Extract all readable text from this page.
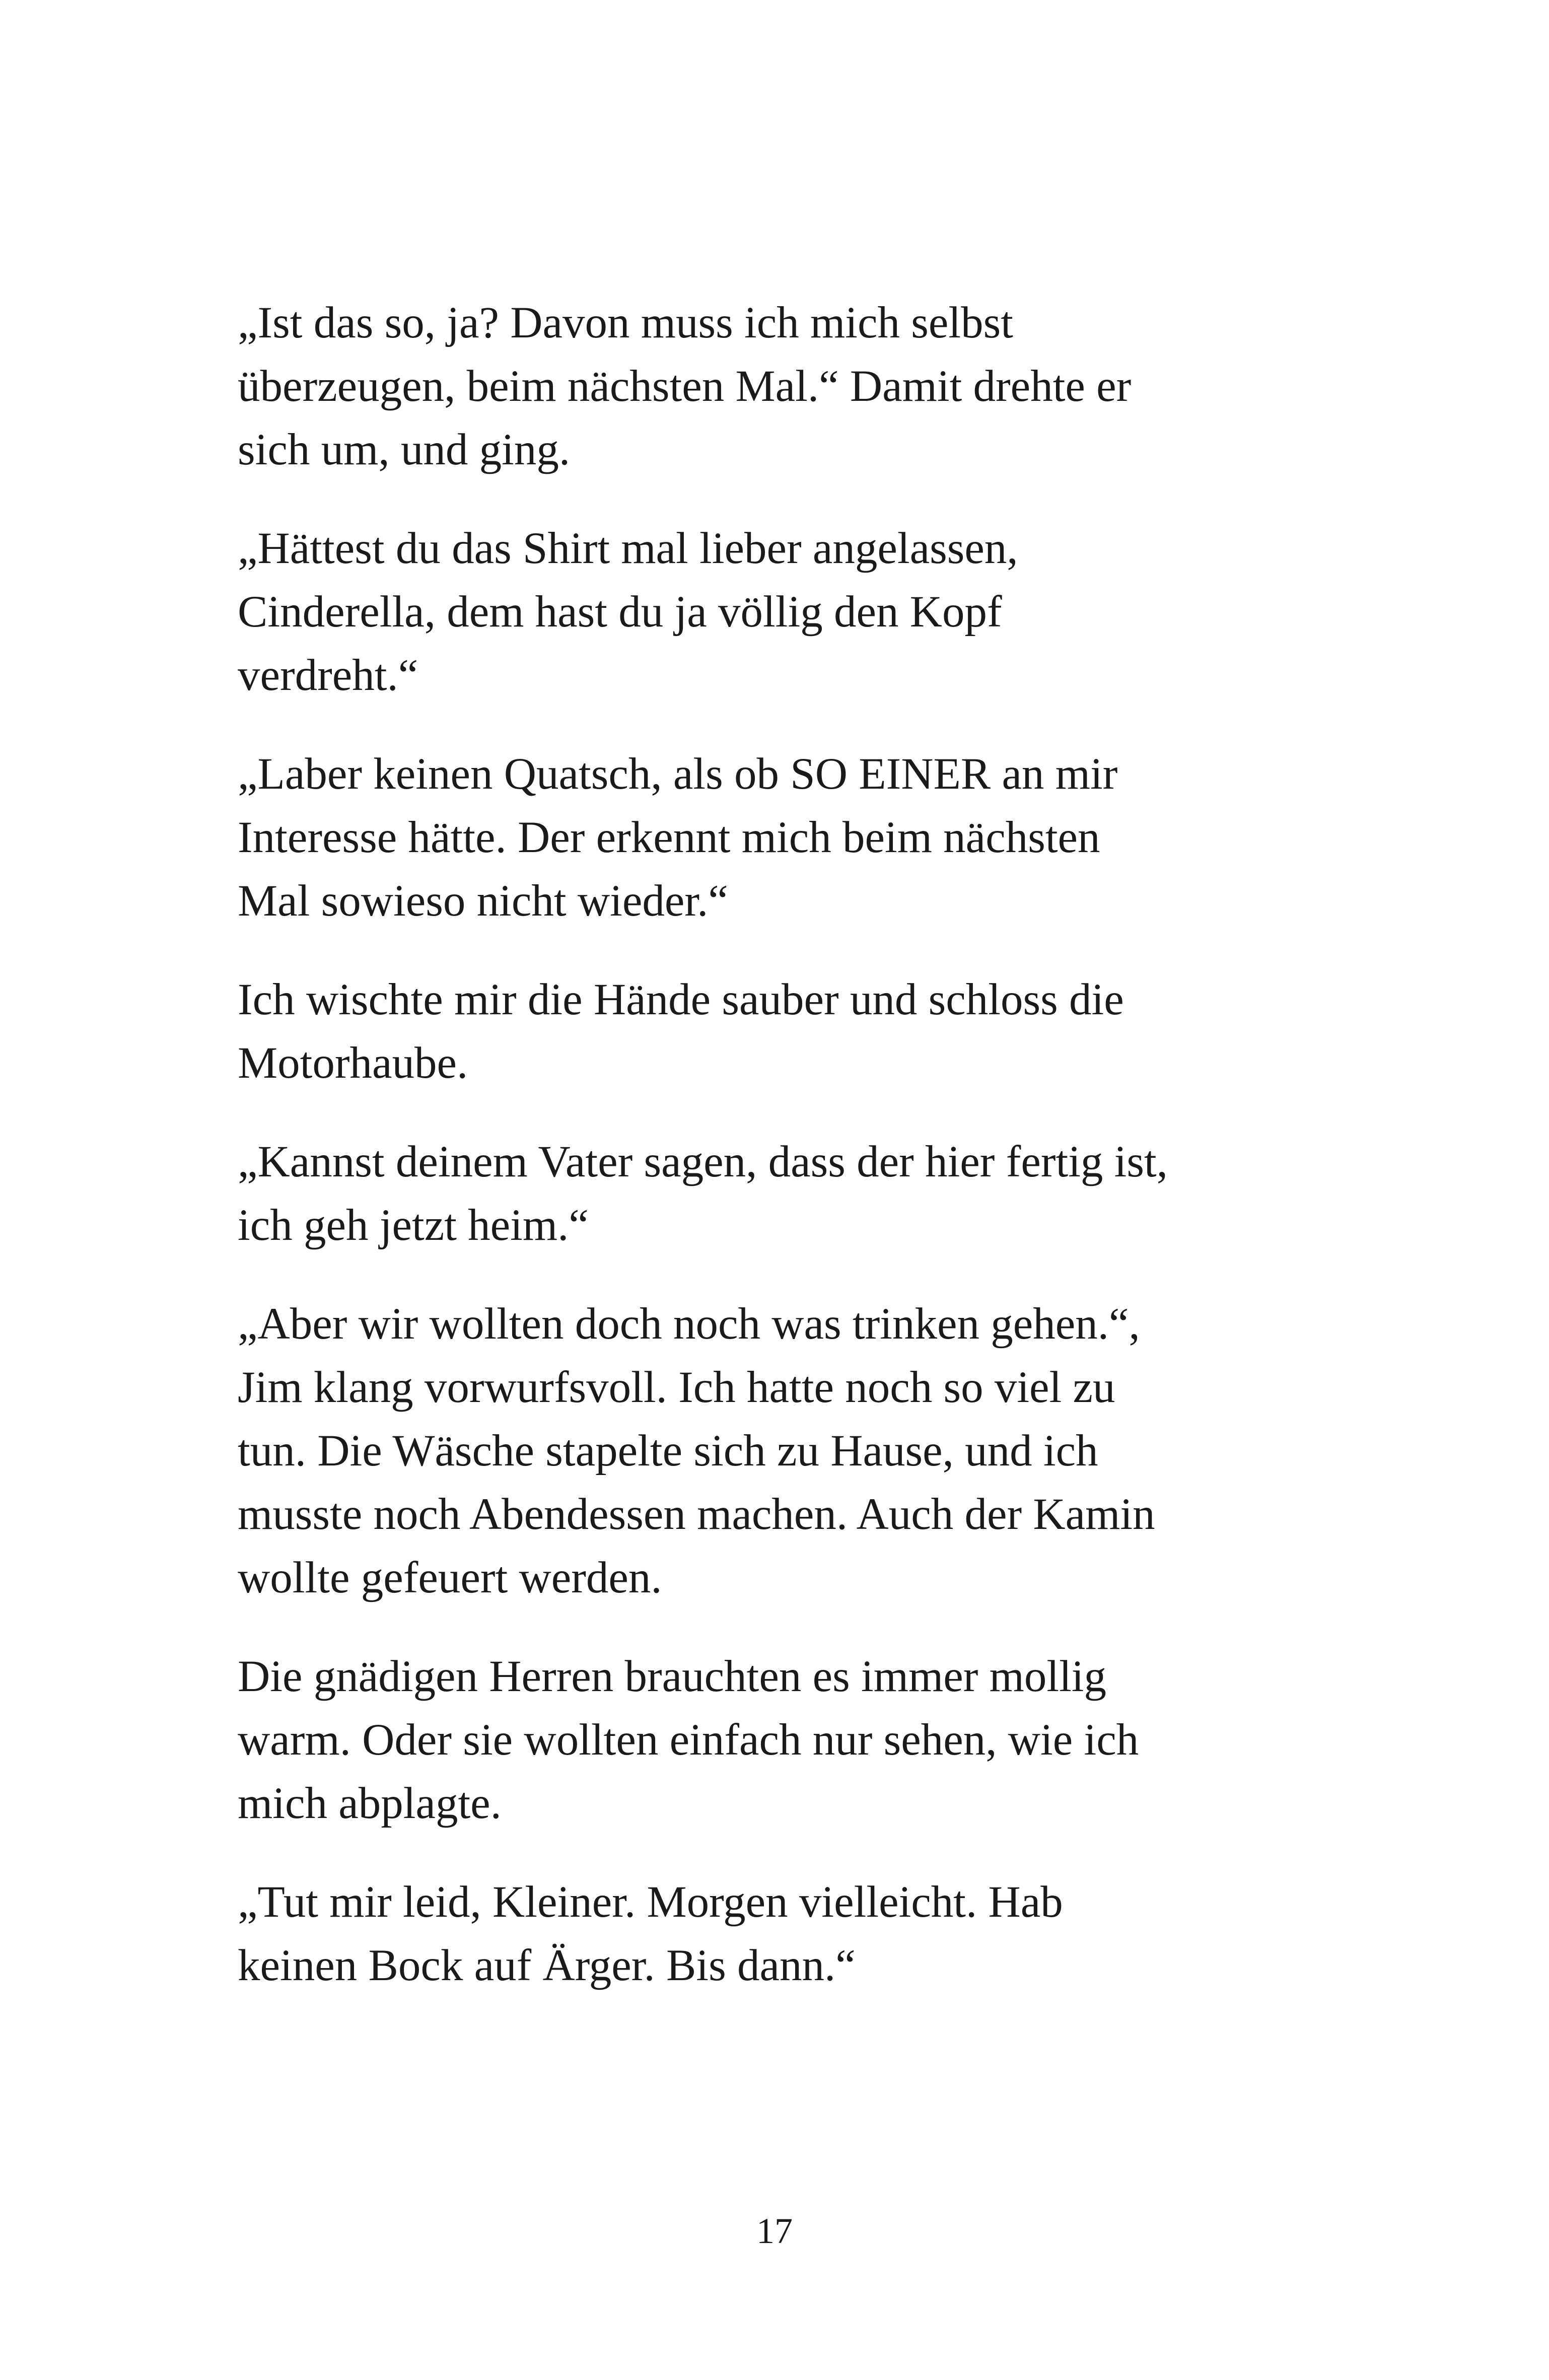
„Ist das so, ja? Davon muss ich mich selbst
überzeugen, beim nächsten Mal.“ Damit drehte er
sich um, und ging.

„Hättest du das Shirt mal lieber angelassen,
Cinderella, dem hast du ja völlig den Kopf
verdreht.“

„Laber keinen Quatsch, als ob SO EINER an mir
Interesse hätte. Der erkennt mich beim nächsten
Mal sowieso nicht wieder.“

Ich wischte mir die Hände sauber und schloss die
Motorhaube.

„Kannst deinem Vater sagen, dass der hier fertig ist,
ich geh jetzt heim.“

„Aber wir wollten doch noch was trinken gehen.“,
Jim klang vorwurfsvoll. Ich hatte noch so viel zu
tun. Die Wäsche stapelte sich zu Hause, und ich
musste noch Abendessen machen. Auch der Kamin
wollte gefeuert werden.

Die gnädigen Herren brauchten es immer mollig
warm. Oder sie wollten einfach nur sehen, wie ich
mich abplagte.

„Tut mir leid, Kleiner. Morgen vielleicht. Hab
keinen Bock auf Ärger. Bis dann.“

17
